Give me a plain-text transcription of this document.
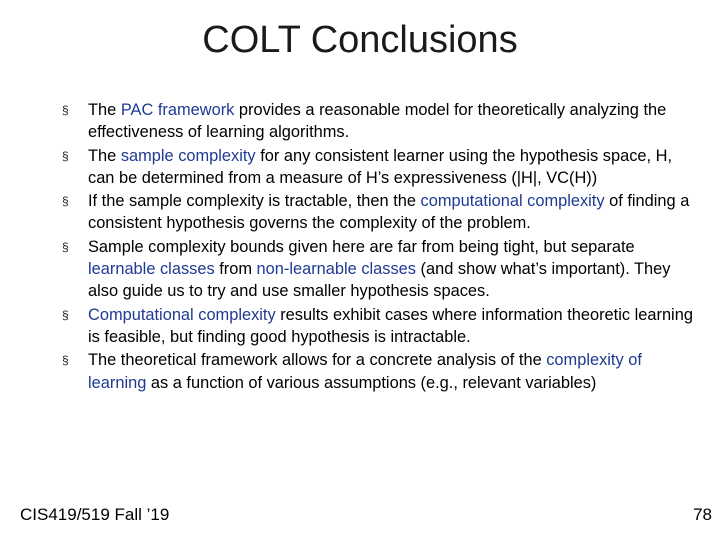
COLT Conclusions
§	The PAC framework provides a reasonable model for theoretically analyzing the effectiveness of learning algorithms.
§	The sample complexity for any consistent learner using the hypothesis space, H, can be determined from a measure of H’s expressiveness (|H|, VC(H))
§	If the sample complexity is tractable, then the computational complexity of finding a consistent hypothesis governs the complexity of the problem.
§	Sample complexity bounds given here are far from being tight, but separate learnable classes from non-learnable classes (and show what’s important). They also guide us to try and use smaller hypothesis spaces.
§	Computational complexity results exhibit cases where information theoretic learning is feasible, but finding good hypothesis is intractable.
§	The theoretical framework allows for a concrete analysis of the complexity of learning as a function of various assumptions (e.g., relevant variables)
CIS419/519 Fall ’19	78
